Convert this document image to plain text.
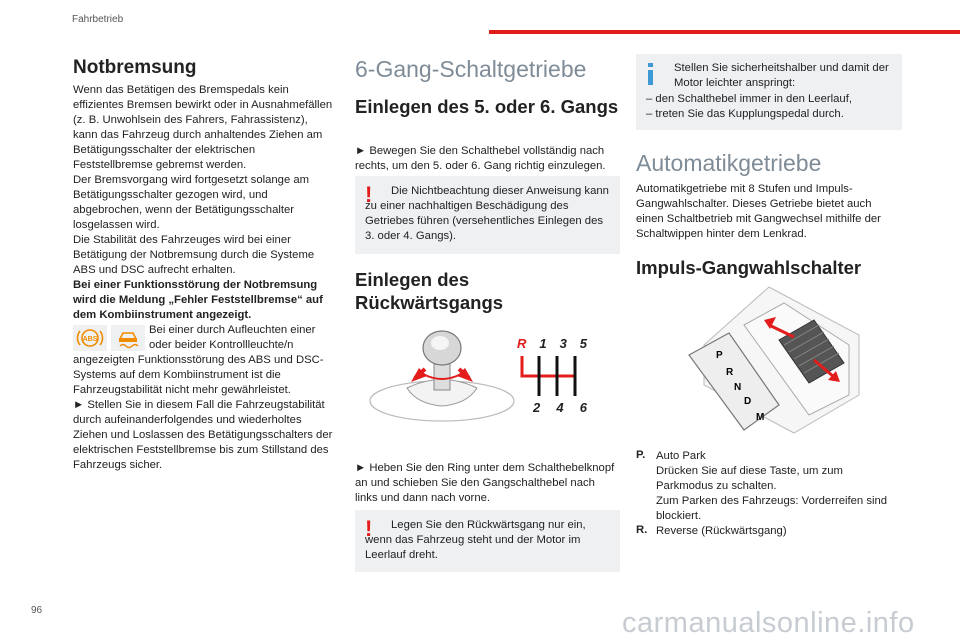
Fahrbetrieb
Notbremsung

Wenn das Betätigen des Bremspedals kein effizientes Bremsen bewirkt oder in Ausnahmefällen (z. B. Unwohlsein des Fahrers, Fahrassistenz), kann das Fahrzeug durch anhaltendes Ziehen am Betätigungsschalter der elektrischen Feststellbremse gebremst werden.

Der Bremsvorgang wird fortgesetzt solange am Betätigungsschalter gezogen wird, und abgebrochen, wenn der Betätigungsschalter losgelassen wird.

Die Stabilität des Fahrzeuges wird bei einer Betätigung der Notbremsung durch die Systeme ABS und DSC aufrecht erhalten.

Bei einer Funktionsstörung der Notbremsung wird die Meldung „Fehler Feststellbremse“ auf dem Kombiinstrument angezeigt.

ABS

Bei einer durch Aufleuchten einer oder beider Kontrollleuchte/n

angezeigten Funktionsstörung des ABS und DSC-Systems auf dem Kombiinstrument ist die Fahrzeugstabilität nicht mehr gewährleistet.

► Stellen Sie in diesem Fall die Fahrzeugstabilität durch aufeinanderfolgendes und wiederholtes Ziehen und Loslassen des Betätigungsschalters der elektrischen Feststellbremse bis zum Stillstand des Fahrzeugs sicher.

6-Gang-Schaltgetriebe
Einlegen des 5. oder 6. Gangs

► Bewegen Sie den Schalthebel vollständig nach rechts, um den 5. oder 6. Gang richtig einzulegen.

!	Die Nichtbeachtung dieser Anweisung kann zu einer nachhaltigen Beschädigung des Getriebes führen (versehentliches Einlegen des 3. oder 4. Gangs).

Einlegen des Rückwärtsgangs
R 1 3 5
2 4 6

► Heben Sie den Ring unter dem Schalthebelknopf an und schieben Sie den Gangschalthebel nach links und dann nach vorne.

!	Legen Sie den Rückwärtsgang nur ein, wenn das Fahrzeug steht und der Motor im Leerlauf dreht.

Stellen Sie sicherheitshalber und damit der Motor leichter anspringt:

– den Schalthebel immer in den Leerlauf,

– treten Sie das Kupplungspedal durch.

Automatikgetriebe

Automatikgetriebe mit 8 Stufen und Impuls-Gangwahlschalter. Dieses Getriebe bietet auch einen Schaltbetrieb mit Gangwechsel mithilfe der Schaltwippen hinter dem Lenkrad.

Impuls-Gangwahlschalter
P
R
N
D
M
P. Auto Park

Drücken Sie auf diese Taste, um zum Parkmodus zu schalten.

Zum Parken des Fahrzeugs: Vorderreifen sind blockiert.

R. Reverse (Rückwärtsgang)

96	carmanualsonline.info
